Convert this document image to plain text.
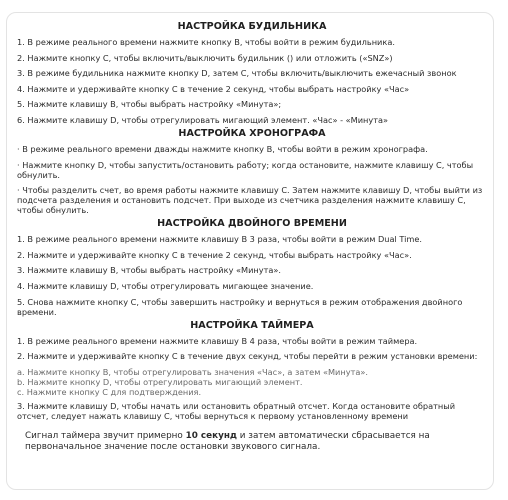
НАСТРОЙКА БУДИЛЬНИКА
1. В режиме реального времени нажмите кнопку B, чтобы войти в режим будильника.
2. Нажмите кнопку C, чтобы включить/выключить будильник () или отложить («SNZ»)
3. В режиме будильника нажмите кнопку D, затем C, чтобы включить/выключить ежечасный звонок
4. Нажмите и удерживайте кнопку C в течение 2 секунд, чтобы выбрать настройку «Час»
5. Нажмите клавишу B, чтобы выбрать настройку «Минута»;
6. Нажмите клавишу D, чтобы отрегулировать мигающий элемент. «Час» - «Минута»
НАСТРОЙКА ХРОНОГРАФА
· В режиме реального времени дважды нажмите кнопку B, чтобы войти в режим хронографа.
· Нажмите кнопку D, чтобы запустить/остановить работу; когда остановите, нажмите клавишу C, чтобы обнулить.
· Чтобы разделить счет, во время работы нажмите клавишу C. Затем нажмите клавишу D, чтобы выйти из подсчета разделения и остановить подсчет. При выходе из счетчика разделения нажмите клавишу C, чтобы обнулить.
НАСТРОЙКА ДВОЙНОГО ВРЕМЕНИ
1. В режиме реального времени нажмите клавишу B 3 раза, чтобы войти в режим Dual Time.
2. Нажмите и удерживайте кнопку C в течение 2 секунд, чтобы выбрать настройку «Час».
3. Нажмите клавишу B, чтобы выбрать настройку «Минута».
4. Нажмите клавишу D, чтобы отрегулировать мигающее значение.
5. Снова нажмите кнопку C, чтобы завершить настройку и вернуться в режим отображения двойного времени.
НАСТРОЙКА ТАЙМЕРА
1. В режиме реального времени нажмите клавишу B 4 раза, чтобы войти в режим таймера.
2. Нажмите и удерживайте кнопку C в течение двух секунд, чтобы перейти в режим установки времени:
a. Нажмите кнопку B, чтобы отрегулировать значения «Час», а затем «Минута».
b. Нажмите кнопку D, чтобы отрегулировать мигающий элемент.
c. Нажмите кнопку C для подтверждения.
3. Нажмите клавишу D, чтобы начать или остановить обратный отсчет. Когда остановите обратный отсчет, следует нажать клавишу C, чтобы вернуться к первому установленному времени
Сигнал таймера звучит примерно 10 секунд и затем автоматически сбрасывается на первоначальное значение после остановки звукового сигнала.
